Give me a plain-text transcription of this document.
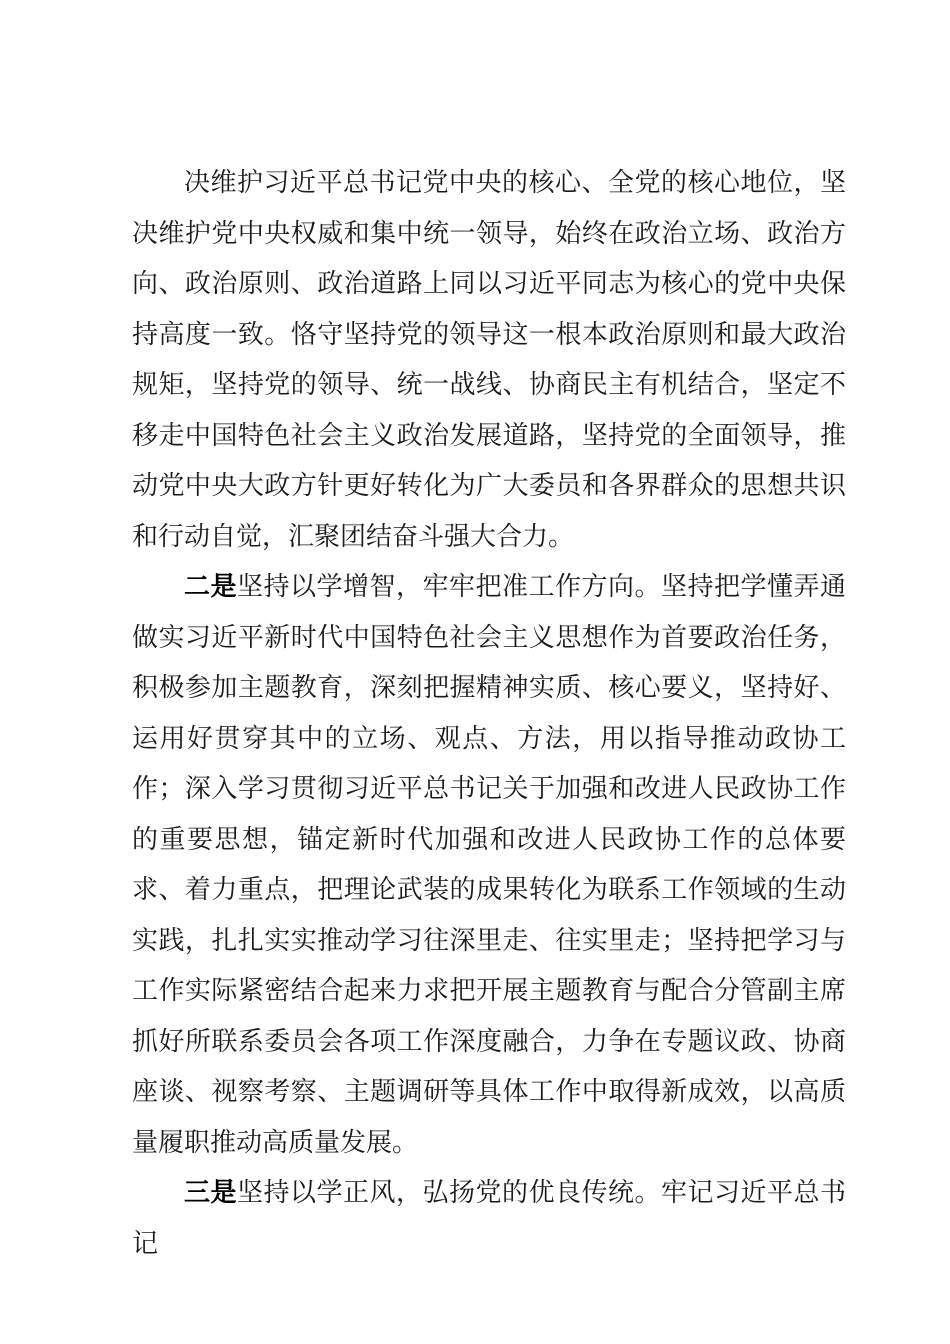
决维护习近平总书记党中央的核心、全党的核心地位，坚决维护党中央权威和集中统一领导，始终在政治立场、政治方向、政治原则、政治道路上同以习近平同志为核心的党中央保持高度一致。恪守坚持党的领导这一根本政治原则和最大政治规矩，坚持党的领导、统一战线、协商民主有机结合，坚定不移走中国特色社会主义政治发展道路，坚持党的全面领导，推动党中央大政方针更好转化为广大委员和各界群众的思想共识和行动自觉，汇聚团结奋斗强大合力。

二是坚持以学增智，牢牢把准工作方向。坚持把学懂弄通做实习近平新时代中国特色社会主义思想作为首要政治任务，积极参加主题教育，深刻把握精神实质、核心要义，坚持好、运用好贯穿其中的立场、观点、方法，用以指导推动政协工作；深入学习贯彻习近平总书记关于加强和改进人民政协工作的重要思想，锚定新时代加强和改进人民政协工作的总体要求、着力重点，把理论武装的成果转化为联系工作领域的生动实践，扎扎实实推动学习往深里走、往实里走；坚持把学习与工作实际紧密结合起来力求把开展主题教育与配合分管副主席抓好所联系委员会各项工作深度融合，力争在专题议政、协商座谈、视察考察、主题调研等具体工作中取得新成效，以高质量履职推动高质量发展。

三是坚持以学正风，弘扬党的优良传统。牢记习近平总书记
